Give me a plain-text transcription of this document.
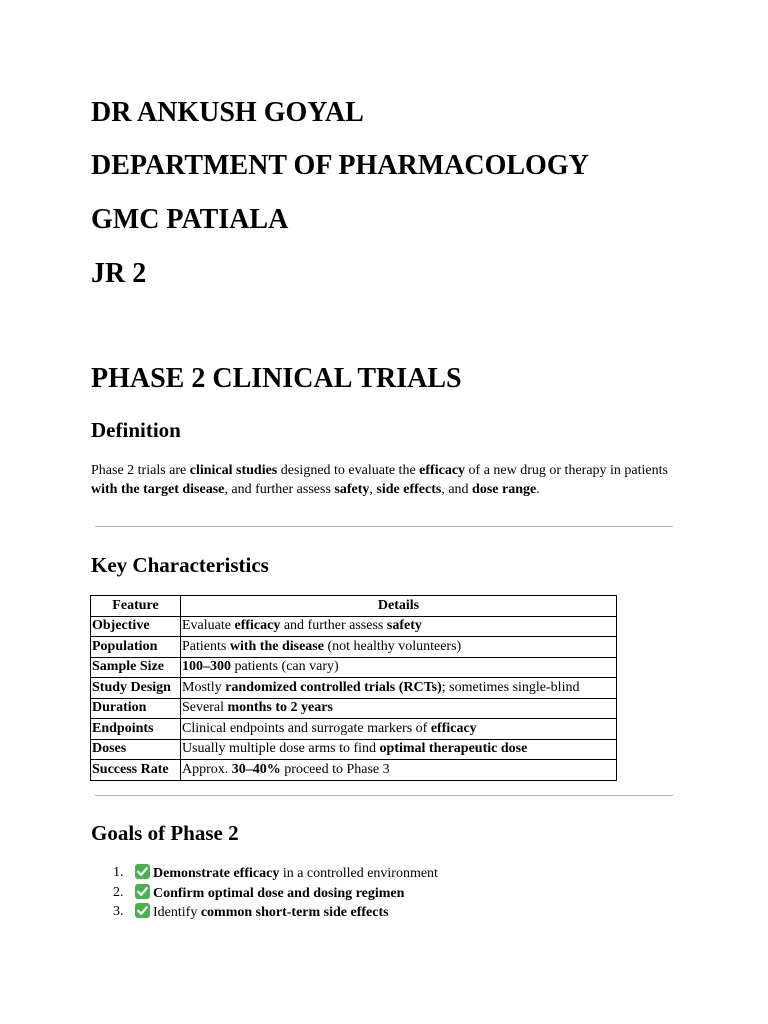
DR ANKUSH GOYAL
DEPARTMENT OF PHARMACOLOGY
GMC PATIALA
JR 2
PHASE 2 CLINICAL TRIALS
Definition

Phase 2 trials are clinical studies designed to evaluate the efficacy of a new drug or therapy in patients with the target disease, and further assess safety, side effects, and dose range.

Key Characteristics
Feature	Details
Objective	Evaluate efficacy and further assess safety
Population	Patients with the disease (not healthy volunteers)
Sample Size	100–300 patients (can vary)
Study Design	Mostly randomized controlled trials (RCTs); sometimes single-blind
Duration	Several months to 2 years
Endpoints	Clinical endpoints and surrogate markers of efficacy
Doses	Usually multiple dose arms to find optimal therapeutic dose
Success Rate	Approx. 30–40% proceed to Phase 3
Goals of Phase 2
1. Demonstrate efficacy in a controlled environment
2. Confirm optimal dose and dosing regimen
3. Identify common short-term side effects
